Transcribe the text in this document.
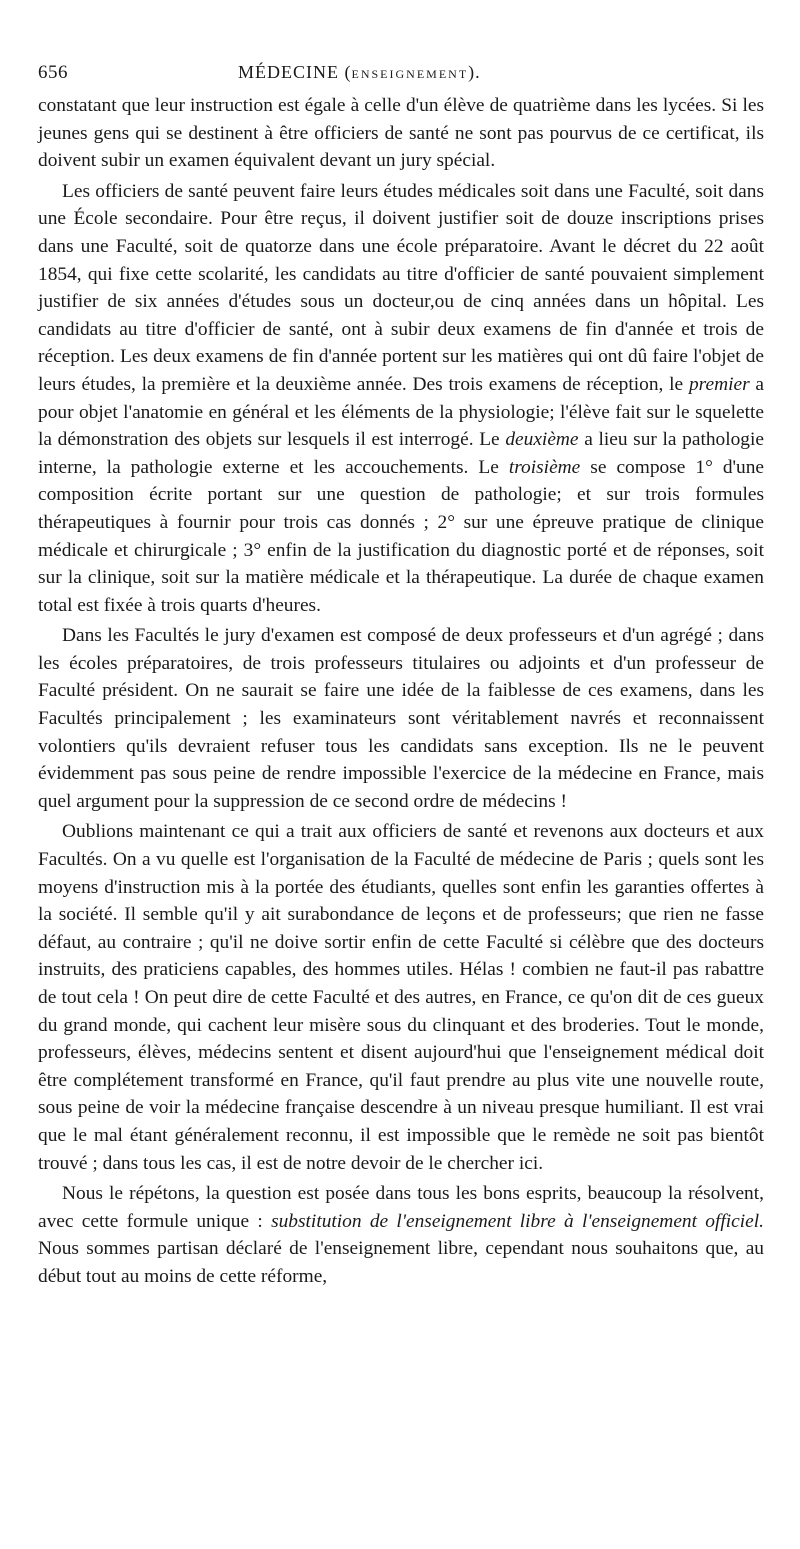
656	MÉDECINE (ENSEIGNEMENT).

constatant que leur instruction est égale à celle d'un élève de quatrième dans les lycées. Si les jeunes gens qui se destinent à être officiers de santé ne sont pas pourvus de ce certificat, ils doivent subir un examen équivalent devant un jury spécial.

Les officiers de santé peuvent faire leurs études médicales soit dans une Faculté, soit dans une École secondaire. Pour être reçus, il doivent justifier soit de douze inscriptions prises dans une Faculté, soit de quatorze dans une école préparatoire. Avant le décret du 22 août 1854, qui fixe cette scolarité, les candidats au titre d'officier de santé pouvaient simplement justifier de six années d'études sous un docteur,ou de cinq années dans un hôpital. Les candidats au titre d'officier de santé, ont à subir deux examens de fin d'année et trois de réception. Les deux examens de fin d'année portent sur les matières qui ont dû faire l'objet de leurs études, la première et la deuxième année. Des trois examens de réception, le premier a pour objet l'anatomie en général et les éléments de la physiologie; l'élève fait sur le squelette la démonstration des objets sur lesquels il est interrogé. Le deuxième a lieu sur la pathologie interne, la pathologie externe et les accouchements. Le troisième se compose 1° d'une composition écrite portant sur une question de pathologie; et sur trois formules thérapeutiques à fournir pour trois cas donnés ; 2° sur une épreuve pratique de clinique médicale et chirurgicale ; 3° enfin de la justification du diagnostic porté et de réponses, soit sur la clinique, soit sur la matière médicale et la thérapeutique. La durée de chaque examen total est fixée à trois quarts d'heures.

Dans les Facultés le jury d'examen est composé de deux professeurs et d'un agrégé ; dans les écoles préparatoires, de trois professeurs titulaires ou adjoints et d'un professeur de Faculté président. On ne saurait se faire une idée de la faiblesse de ces examens, dans les Facultés principalement ; les examinateurs sont véritablement navrés et reconnaissent volontiers qu'ils devraient refuser tous les candidats sans exception. Ils ne le peuvent évidemment pas sous peine de rendre impossible l'exercice de la médecine en France, mais quel argument pour la suppression de ce second ordre de médecins !

Oublions maintenant ce qui a trait aux officiers de santé et revenons aux docteurs et aux Facultés. On a vu quelle est l'organisation de la Faculté de médecine de Paris ; quels sont les moyens d'instruction mis à la portée des étudiants, quelles sont enfin les garanties offertes à la société. Il semble qu'il y ait surabondance de leçons et de professeurs; que rien ne fasse défaut, au contraire ; qu'il ne doive sortir enfin de cette Faculté si célèbre que des docteurs instruits, des praticiens capables, des hommes utiles. Hélas ! combien ne faut-il pas rabattre de tout cela ! On peut dire de cette Faculté et des autres, en France, ce qu'on dit de ces gueux du grand monde, qui cachent leur misère sous du clinquant et des broderies. Tout le monde, professeurs, élèves, médecins sentent et disent aujourd'hui que l'enseignement médical doit être complétement transformé en France, qu'il faut prendre au plus vite une nouvelle route, sous peine de voir la médecine française descendre à un niveau presque humiliant. Il est vrai que le mal étant généralement reconnu, il est impossible que le remède ne soit pas bientôt trouvé ; dans tous les cas, il est de notre devoir de le chercher ici.

Nous le répétons, la question est posée dans tous les bons esprits, beaucoup la résolvent, avec cette formule unique : substitution de l'enseignement libre à l'enseignement officiel. Nous sommes partisan déclaré de l'enseignement libre, cependant nous souhaitons que, au début tout au moins de cette réforme,
